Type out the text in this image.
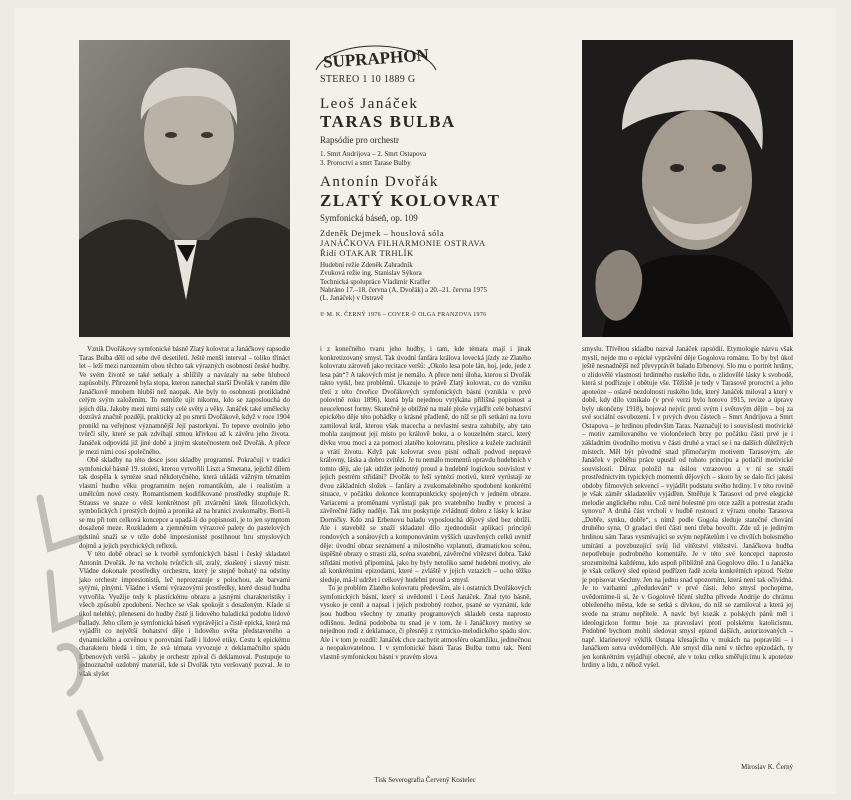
SUPRAPHON
STEREO 1 10 1889 G
Leoš Janáček
TARAS BULBA
Rapsódie pro orchestr
1. Smrt Andrijova – 2. Smrt Ostapova
3. Proroctví a smrt Tarase Bulby
Antonín Dvořák
ZLATÝ KOLOVRAT
Symfonická báseň, op. 109
Zdeněk Dejmek – houslová sóla
JANÁČKOVA FILHARMONIE OSTRAVA
Řídí OTAKAR TRHLÍK
Hudební režie Zdeněk Zahradník
Zvuková režie ing. Stanislav Sýkora
Technická spolupráce Vladimír Kraffer
Nahráno 17.–18. června (A. Dvořák) a 20.–21. června 1975
(L. Janáček) v Ostravě
℗ M. K. ČERNÝ 1976 – COVER © OLGA FRANZOVA 1976

Vznik Dvořákovy symfonické básně Zlatý kolovrat a Janáčkovy rapsodie Taras Bulba dělí od sebe dvě desetiletí. Ještě menší interval – toliko třináct let – leží mezi narozením obou těchto tak výrazných osobností české hudby. Ve svém životě se také setkaly a sblížily a navázaly na sebe hlubocé zapůsobily. Přirozeně byla stopa, kterou zanechal starší Dvořák v raném díle Janáčkově mnohem hlubší než naopak. Ale byly to osobnosti protikladné celým svým založením. To nemůže ujít nikomu, kdo se zaposlouchá do jejich díla. Jakoby mezi nimi stály celé světy a věky. Janáček také umělecky dozrává značně později, prakticky až po smrti Dvořákově, když v roce 1904 pronikl na veřejnost významnější Její pastorkyní. To tepeve uvolnilo jeho tvůrčí síly, které se pak zdvíhají stmou křivkou až k závěru jeho života. Janáček odpovídá již jiné době a jiným skutečnostem než Dvořák. A přece je mezi nimi cosi společného.

Obě skladby na této desce jsou skladby programní. Pokračují v tradici symfonické básně 19. století, kterou vytvořili Liszt a Smetana, jejichž dílem tak dospěla k syntéze snad někdotyčného, která ukládá vážným tématům vlastní hudbu věku programním nejen romantikům, ale i realistům a umělcům nové cesty. Romantismem kodifikované prostředky stupňuje R. Strauss ve snaze o větší konkrétnost při ztvárnění látek filozofických, symbolických i prostých dojmů a proniká až na hranici zvukomalby. Bortí-li se mu při tom celková koncepce a upadá-li do popisnosti, je to jen symptom dosažené meze. Rozkladem a zjemněním výrazové palety do pastelových odstínů snaží se v téže době impresionisté postihnout hru smyslových dojmů a jejich psychických reflexů.

V této době obrací se k tvorbě symfonických básní i český skladatel Antonín Dvořák. Je na vrcholu tvůrčích sil, zralý, zkušený i slavný mistr. Vládne dokonale prostředky orchestru, který je stejně bohatý na odstíny jako orchestr impresionistů, leč neprozrazuje s polochou, ale barvami sytými, plnými. Vládne i všemi výrazovými prostředky, které dosud hudba vytvořila. Využije tedy k plastickému obrazu a jasnými charakteristiky i všech způsobů zpodobení. Nechce se však spokojit s dosaženým. Klade si úkol nelehký, přeneseni do hudby čistě ji lidového baladická podobu lidové ballady. Jeho cílem je symfonická báseň vyprávějící a čistě epická, která má vyjádřit co největší bohatství děje i lidového světa představeného a dynamického a ozvěnou v porovnání řadě i lidové etiky. Cestu k epickému charakteru hledá i tím, že svá témata vyvozuje z deklamačního spádu Erbenových veršů – jakoby je orchestr zpíval či deklamoval. Postupuje to jednoznačně ozdobný materiál, kde si Dvořák tyto veršovaný pozval. Je to však slyšet

i z konečného tvaru jeho hudby, i tam, kde témata mají i jinak konkretizovaný smysl. Tak úvodní fanfára králova lovecká jízdy ze Zlatého kolovratu zároveň jako recitace veršů: „Okolo lesa pole lán, hoj, jede, jede z lesa pán“? A takových míst je nemálo. A přece není úloha, kterou si Dvořák takto vytkl, bez problémů. Ukazuje to právě Zlatý kolovrat, co do vzniku třetí z této čtveřice Dvořákových symfonických básní (vznikla v prvé polovině roku 1896), která byla nejednou vytýkána přílišná popisnost a neucelenost formy. Skutečně je obtížné na malé ploše vyjádřit celé bohatství epického děje této pohádky o krásné přadleně, do níž se při setkání na lovu zamiloval král, kterou však macecha a nevlastní sestra zahubily, aby tato mohla zaujmout její místo po králově boku, a o kouzelném starci, který dívku vrou mocí a za pomoci zlatého kolovratu, přeslice a kužele zachránil a vrátí životu. Když pak kolovrat svou písní odhalí podvod nepravé královny, láska a dobro zvítězí. Je tu nemálo momentů opravdu hudebních v tomto ději, ale jak udržet jednotný proud a hudebně logickou souvislost v jejich pestrém střídání? Dvořák to řeší syntézí motivů, které vyrůstají ze dvou základních složek – fanfáry a zvukomalebného spodobení konkrétní situace, v počátku dokonce kontrapunkticky spojených v jedném obraze. Variacemi a proměnami vyrůstají pak pro svatebního hudby v procesí a závěrečné řádky naděje. Tak mu poskytuje zvládnutí dobro z lásky k kráse Dorničky. Kdo zná Erbenovu baladu vyposlouchá dějový sled bez obtíží. Ale i staveběž se snaží skladatel dílo zjednodušit aplikací principů rondových a sonátových a komponováním vyšších uzavřených celků uvnitř děje: úvodní obraz seznámení a milostného vzplanutí, dramatickou scénu, úspěšné obrazy o strasti zlá, scéna svatební, závěrečné vítězství dobra. Také střídání motivů připomíná, jako by byly netoliko samé hudební motivy, ale až konkrétními epizodami, které – zvláště v jejich vztazích – ucho těžko sleduje, má-li udržet i celkový hudební proud a smysl.

To je problém Zlatého kolovratu především, ale i ostatních Dvořákových symfonických básní, který si uvědomil i Leoš Janáček. Znal tyto básně, vysoko je cenil a napsal i jejich podrobný rozbor, psané se vyznámí, kde jsou hudbou všechny ty zmatky programových skladeb cesta naprosto odlišnou. Jediná podoboba tu snad je v tom, že i Janáčkovy motivy se nejednou rodí z deklamace, či přesněji z rytmicko-melodického spádu slov. Ale i v tom je rozdíl: Janáček chce zachytit atmosféru okamžiku, jedinečnou a neopakovatelnou. I v symfonické básni Taras Bulba tomu tak. Není vlastně symfonickou básní v pravém slova

smyslu. Třívětou skladbu nazval Janáček rapsódií. Etymologie názvu však myslí, nejde mu o epické vyprávění děje Gogolova románu. To by byl úkol ještě nesnadnější než převyprávět baladu Erbenovy. Slo mu o portrét hrdiny, o zlidovělé vlastnosti hrdinného ruského lidu, o zlidovělé lásky k svobodě, která si podřizuje i obětuje vše. Těžiště je tedy v Tarasově proroctví a jeho apoteóze – oslavě nezdolnosti ruského lidu, který Janáček miloval a který v době, kdy dílo vznikalo (v prvé verzi bylo hotovo 1915, revize a úpravy byly ukončeny 1918), bojoval nejvíc proti svým i světovým dějin – boj za své sociální osvobození. I v prvých dvou částech – Smrt Andrijova a Smrt Ostapova – je hrdinou především Taras. Naznačují to i souvislosti motivické – motiv zamilovaného ve violončelech brzy po počátku části prvé je i základním úvodního motivu v části druhé a vrací se i na dalších důležitých místech. Měl být původně snad přímočarým motivem Tarasovým, ale Janáček v průběhu práce upustil od tohoto principu a potlačil motivické souvislosti. Důraz položil na úsilou vzrazovou a v ní se snaží prostřednictvím typických momentů dějových – skoro by se dalo říci jakési obdoby filmových sekvencí – vyjádřit podstatu svého hrdiny. I v této rovině je však záměr skladatelův vyjádřen. Směřuje k Tarasovi od prvé elegické melodie anglického rohu. Což není bolestné pro otce zažít a potrestat zradu synovu? A druhá část vrcholí v hudbě rostoucí z výrazu onoho Tarasova „Dobře, synku, dobře“, s nímž podle Gogola sleduje statečné chování druhého syna. O gradaci třetí části není třeba hovořit. Zde už je jediným hrdinou sám Taras vysmívající se svým nepřátelům i ve chvílích bolestného umírání a povzbuzující svůj lid vítězství vítězství. Janáčkova hudba nepotřebuje podrobného komentáře. Je v této své koncepci naprosto srozumitelná každému, kdo aspoň přibližně zná Gogolovo dílo. I u Janáčka je však celkový sled epizod podřízen řadě zcela konkrétních epizod. Nelze je popisovat všechny. Jen na jednu snad upozorním, která není tak očividná. Je to varhanní „předudování“ v prvé části. Jeho smysl pochopíme, uvědomíme-li si, že v Gogolově líčení služba přivede Andrije do chrámu obleženého města, kde se setká s dívkou, do níž se zamiloval a která jej svede na stranu nepřítele. A navíc byl kozák z polských pánů měl i ideologickou formu boje za pravoslaví proti polskému katolicismu. Podobně bychom mohli sledovat smysl epizod dalších, autorizovaných – např. klarinetový výkřik Ostapa křesajícího v mukách na popravišti – i Janáčkem sotva uvědomělých. Ale smysl díla není v těchto epizodách, ty jen konkrétním vyjádřují obecné, ale v toku celku směřujícímu k apoteóze hrdiny a lidu, z něhož vyšel.

Miroslav K. Černý
Tisk Severografia Červený Kostelec
